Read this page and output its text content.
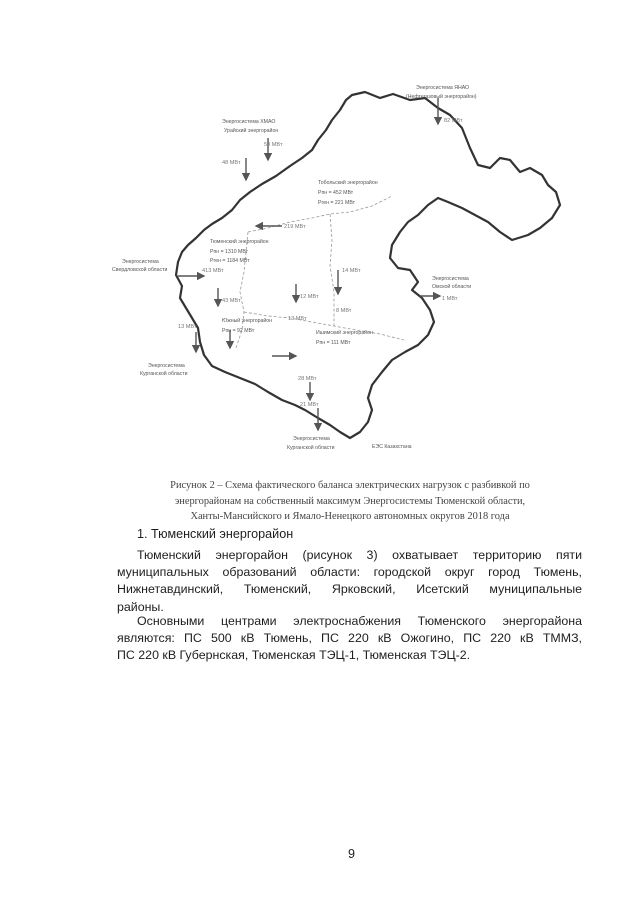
Энергосистема ЯНАО
(Нефтегазовый энергорайон)
Энергосистема ХМАО
Урайский энергорайон
Тобольский энергорайон
Рпн = 452 МВт
Рген = 221 МВт
Тюменский энергорайон
Рпн = 1310 МВт
Рген = 1184 МВт
Энергосистема
Свердловской области
Энергосистема
Омской области
Южный энергорайон
Рпн = 92 МВт	Ишимский энергорайон
Рпн = 111 МВт
Энергосистема
Курганской области
Энергосистема
Курганской области	ЕЭС Казахстана
82 МВт
53 МВт
48 МВт
219 МВт
413 МВт
43 МВт
12 МВт
14 МВт
1 МВт
13 МВт
8 МВт
13 МВт
28 МВт
21 МВт
Рисунок 2 – Схема фактического баланса электрических нагрузок с разбивкой по
энергорайонам на собственный максимум Энергосистемы Тюменской области,
Ханты-Мансийского и Ямало-Ненецкого автономных округов 2018 года
1. Тюменский энергорайон
Тюменский энергорайон (рисунок 3) охватывает территорию пяти
муниципальных образований области: городской округ город Тюмень,
Нижнетавдинский, Тюменский, Ярковский, Исетский муниципальные
районы.
Основными центрами электроснабжения Тюменского энергорайона
являются: ПС 500 кВ Тюмень, ПС 220 кВ Ожогино, ПС 220 кВ ТММЗ,
ПС 220 кВ Губернская, Тюменская ТЭЦ-1, Тюменская ТЭЦ-2.
9
